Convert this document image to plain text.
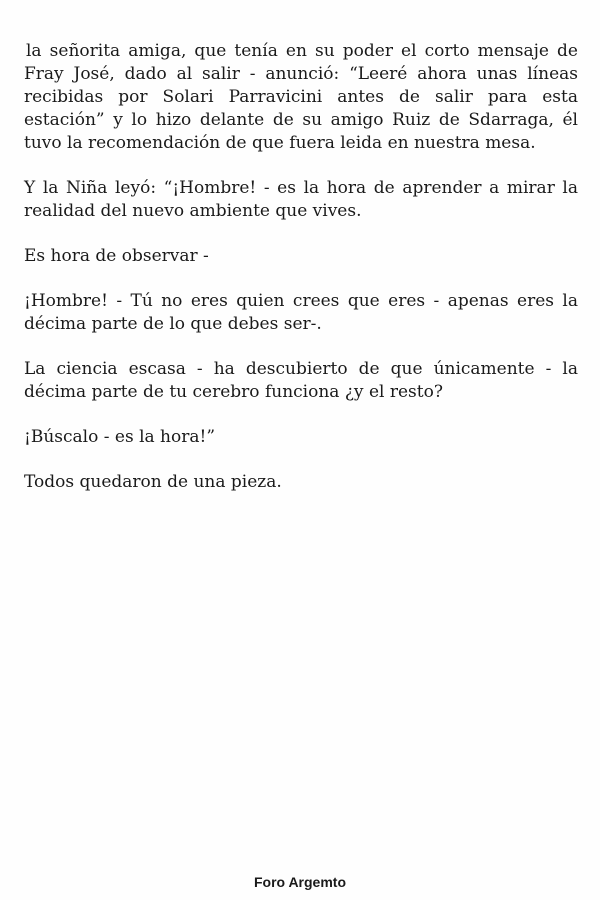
la señorita amiga, que tenía en su poder el corto mensaje de Fray José, dado al salir - anunció: “Leeré ahora unas líneas recibidas por Solari Parravicini antes de salir para esta estación” y lo hizo delante de su amigo Ruiz de Sdarraga, él tuvo la recomendación de que fuera leida en nuestra mesa.

Y la Niña leyó: “¡Hombre! - es la hora de aprender a mirar la realidad del nuevo ambiente que vives.

Es hora de observar -

¡Hombre! - Tú no eres quien crees que eres - apenas eres la décima parte de lo que debes ser-.

La ciencia escasa - ha descubierto de que únicamente - la décima parte de tu cerebro funciona ¿y el resto?

¡Búscalo - es la hora!”

Todos quedaron de una pieza.

Foro Argemto
